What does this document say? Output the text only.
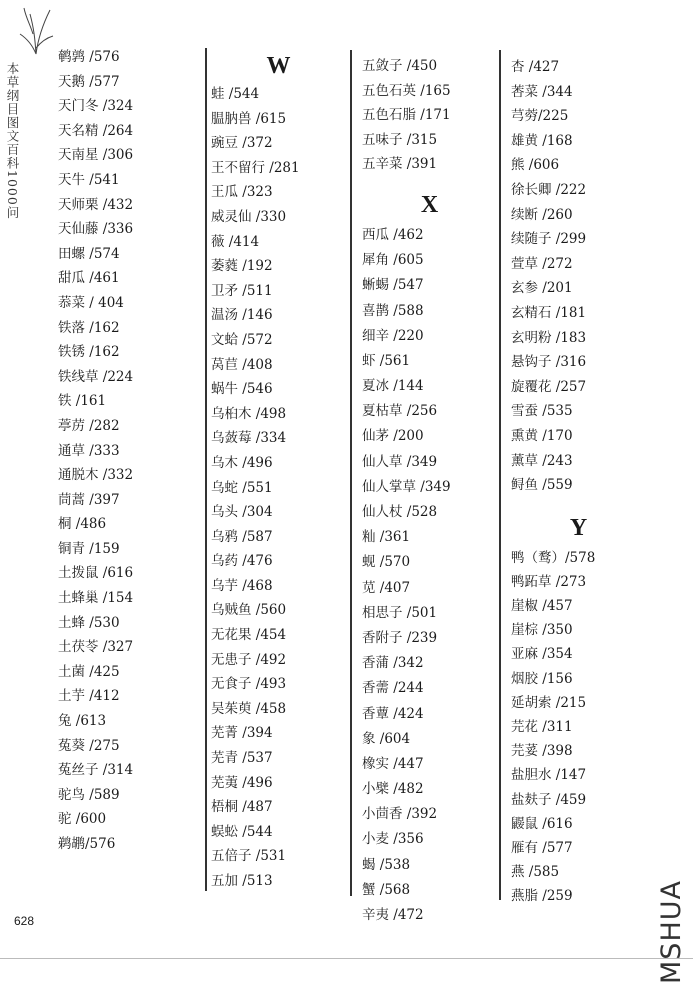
本草纲目图文百科1000问
鹌鹑 /576
天鹅 /577
天门冬 /324
天名精 /264
天南星 /306
天牛 /541
天师栗 /432
天仙藤 /336
田螺 /574
甜瓜 /461
菾菜 / 404
铁落 /162
铁锈 /162
铁线草 /224
铁 /161
葶苈 /282
通草 /333
通脱木 /332
茼蒿 /397
桐 /486
铜青 /159
土拨鼠 /616
土蜂巢 /154
土蜂 /530
土茯苓 /327
土菌 /425
土芋 /412
兔 /613
菟葵 /275
菟丝子 /314
驼鸟 /589
驼 /600
鹈鹕/576
W
蛙 /544
腽肭兽 /615
豌豆 /372
王不留行 /281
王瓜 /323
威灵仙 /330
薇 /414
萎蕤 /192
卫矛 /511
温汤 /146
文蛤 /572
莴苣 /408
蜗牛 /546
乌桕木 /498
乌蔹莓 /334
乌木 /496
乌蛇 /551
乌头 /304
乌鸦 /587
乌药 /476
乌芋 /468
乌贼鱼 /560
无花果 /454
无患子 /492
无食子 /493
吴茱萸 /458
芜菁 /394
芜青 /537
芜荑 /496
梧桐 /487
蜈蚣 /544
五倍子 /531
五加 /513
五敛子 /450
五色石英 /165
五色石脂 /171
五味子 /315
五辛菜 /391
X
西瓜 /462
犀角 /605
蜥蜴 /547
喜鹊 /588
细辛 /220
虾 /561
夏冰 /144
夏枯草 /256
仙茅 /200
仙人草 /349
仙人掌草 /349
仙人杖 /528
籼 /361
蚬 /570
苋 /407
相思子 /501
香附子 /239
香蒲 /342
香薷 /244
香蕈 /424
象 /604
橡实 /447
小檗 /482
小茴香 /392
小麦 /356
蝎 /538
蟹 /568
辛夷 /472
杏 /427
莕菜 /344
芎䓖/225
雄黄 /168
熊 /606
徐长卿 /222
续断 /260
续随子 /299
萱草 /272
玄参 /201
玄精石 /181
玄明粉 /183
悬钩子 /316
旋覆花 /257
雪蚕 /535
熏黄 /170
薰草 /243
鲟鱼 /559
Y
鸭（鹜）/578
鸭跖草 /273
崖椒 /457
崖棕 /350
亚麻 /354
烟胶 /156
延胡索 /215
芫花 /311
芫荽 /398
盐胆水 /147
盐麸子 /459
鼹鼠 /616
雁有 /577
燕 /585
燕脂 /259
628	MSHUA
